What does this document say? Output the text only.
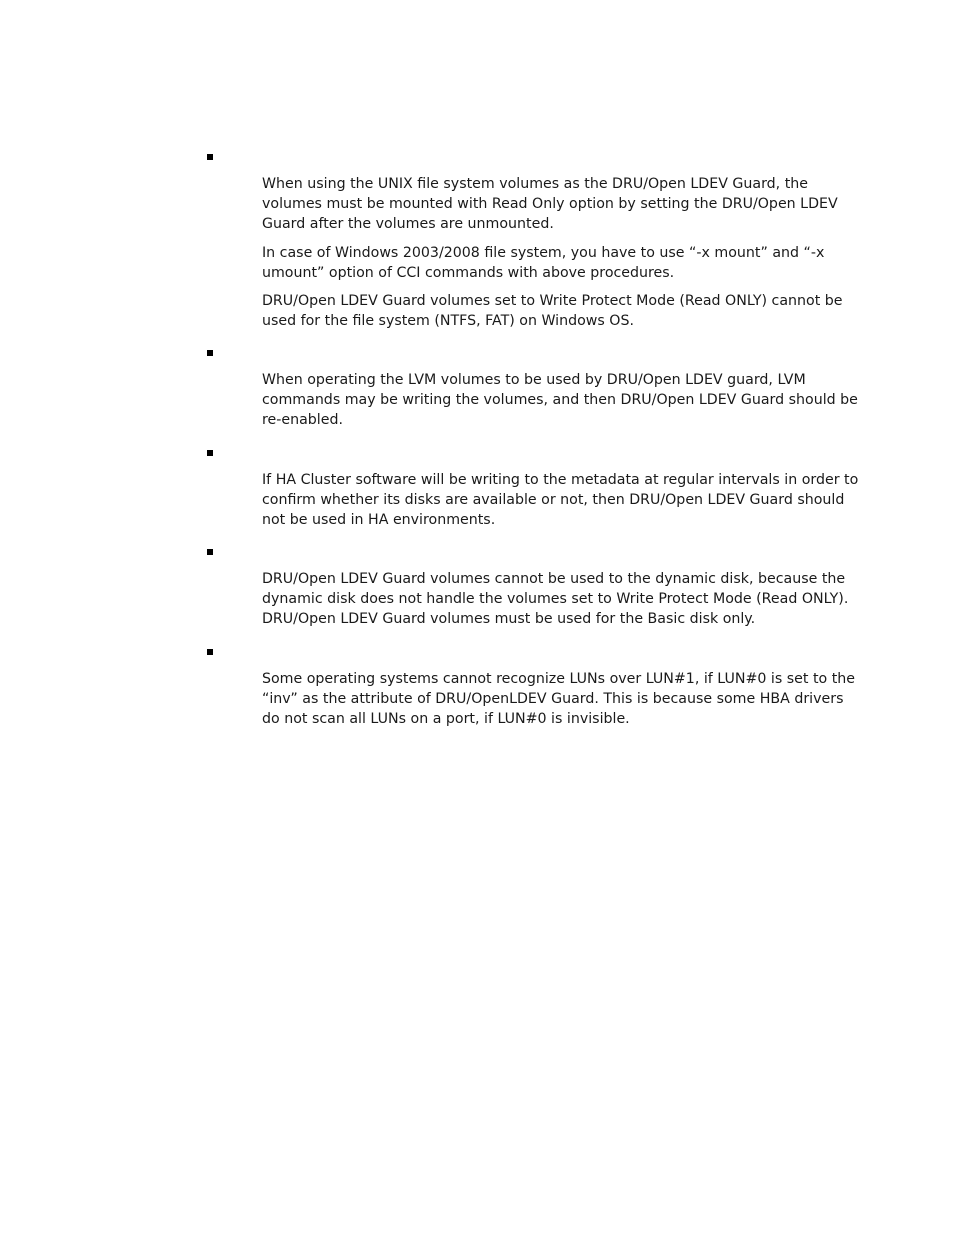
When using the UNIX file system volumes as the DRU/Open LDEV Guard, the volumes must be mounted with Read Only option by setting the DRU/Open LDEV Guard after the volumes are unmounted.

In case of Windows 2003/2008 file system, you have to use “-x mount” and “-x umount” option of CCI commands with above procedures.

DRU/Open LDEV Guard volumes set to Write Protect Mode (Read ONLY) cannot be used for the file system (NTFS, FAT) on Windows OS.

When operating the LVM volumes to be used by DRU/Open LDEV guard, LVM commands may be writing the volumes, and then DRU/Open LDEV Guard should be re-enabled.

If HA Cluster software will be writing to the metadata at regular intervals in order to confirm whether its disks are available or not, then DRU/Open LDEV Guard should not be used in HA environments.

DRU/Open LDEV Guard volumes cannot be used to the dynamic disk, because the dynamic disk does not handle the volumes set to Write Protect Mode (Read ONLY). DRU/Open LDEV Guard volumes must be used for the Basic disk only.

Some operating systems cannot recognize LUNs over LUN#1, if LUN#0 is set to the “inv” as the attribute of DRU/OpenLDEV Guard. This is because some HBA drivers do not scan all LUNs on a port, if LUN#0 is invisible.
